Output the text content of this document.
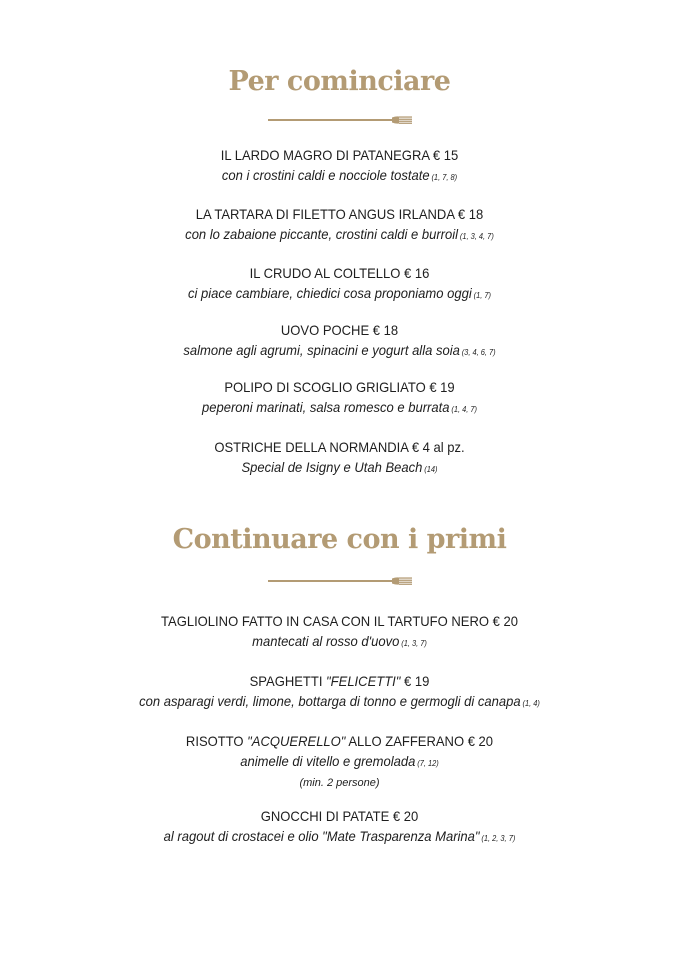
Per cominciare
IL LARDO MAGRO DI PATANEGRA € 15
con i crostini caldi e nocciole tostate (1, 7, 8)
LA TARTARA DI FILETTO ANGUS IRLANDA € 18
con lo zabaione piccante, crostini caldi e burroil (1, 3, 4, 7)
IL CRUDO AL COLTELLO € 16
ci piace cambiare, chiedici cosa proponiamo oggi (1, 7)
UOVO POCHE € 18
salmone agli agrumi, spinacini e yogurt alla soia (3, 4, 6, 7)
POLIPO DI SCOGLIO GRIGLIATO € 19
peperoni marinati, salsa romesco e burrata (1, 4, 7)
OSTRICHE DELLA NORMANDIA € 4 al pz.
Special de Isigny e Utah Beach (14)
Continuare con i primi
TAGLIOLINO FATTO IN CASA CON IL TARTUFO NERO € 20
mantecati al rosso d'uovo (1, 3, 7)
SPAGHETTI "FELICETTI" € 19
con asparagi verdi, limone, bottarga di tonno e germogli di canapa (1, 4)
RISOTTO "ACQUERELLO" ALLO ZAFFERANO € 20
animelle di vitello e gremolada (7, 12)
(min. 2 persone)
GNOCCHI DI PATATE € 20
al ragout di crostacei e olio "Mate Trasparenza Marina" (1, 2, 3, 7)
